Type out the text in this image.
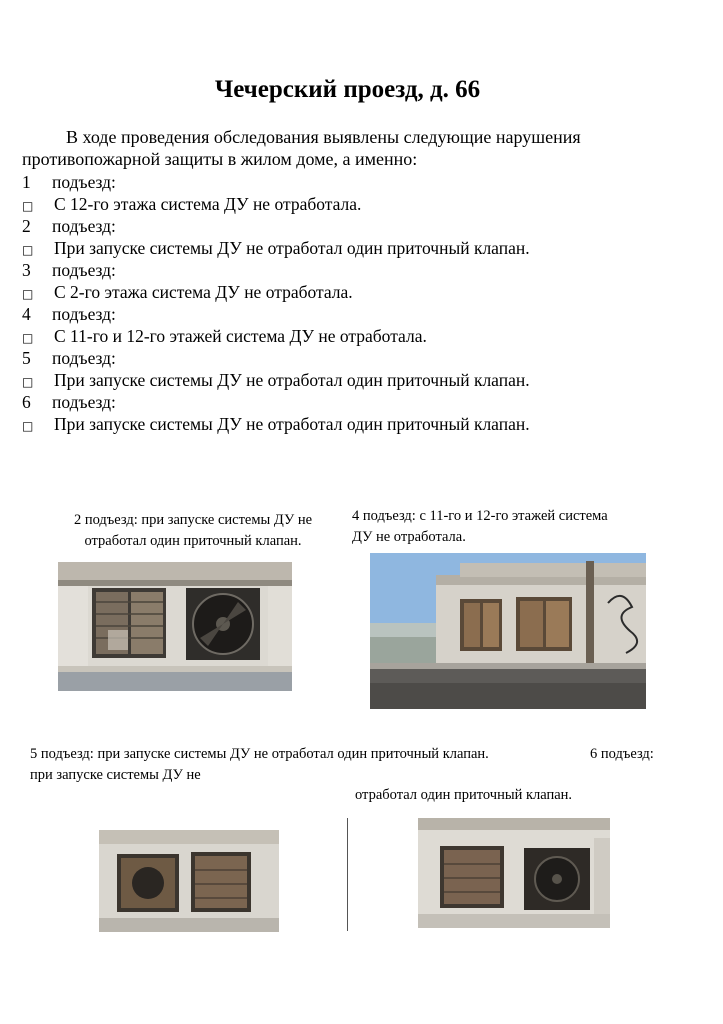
Чечерский проезд, д. 66
В ходе проведения обследования выявлены следующие нарушения
противопожарной защиты в жилом доме, а именно:
1 подъезд:
□ С 12-го этажа система ДУ не отработала.
2 подъезд:
□ При запуске системы ДУ не отработал один приточный клапан.
3 подъезд:
□ С 2-го этажа система ДУ не отработала.
4 подъезд:
□ С 11-го и 12-го этажей система ДУ не отработала.
5 подъезд:
□ При запуске системы ДУ не отработал один приточный клапан.
6 подъезд:
□ При запуске системы ДУ не отработал один приточный клапан.
2 подъезд: при запуске системы ДУ не
отработал один приточный клапан.
4 подъезд: с 11-го и 12-го этажей система
ДУ не отработала.
5 подъезд: при запуске системы ДУ не отработал один приточный клапан.	6 подъезд:
при запуске системы ДУ не
отработал один приточный клапан.
